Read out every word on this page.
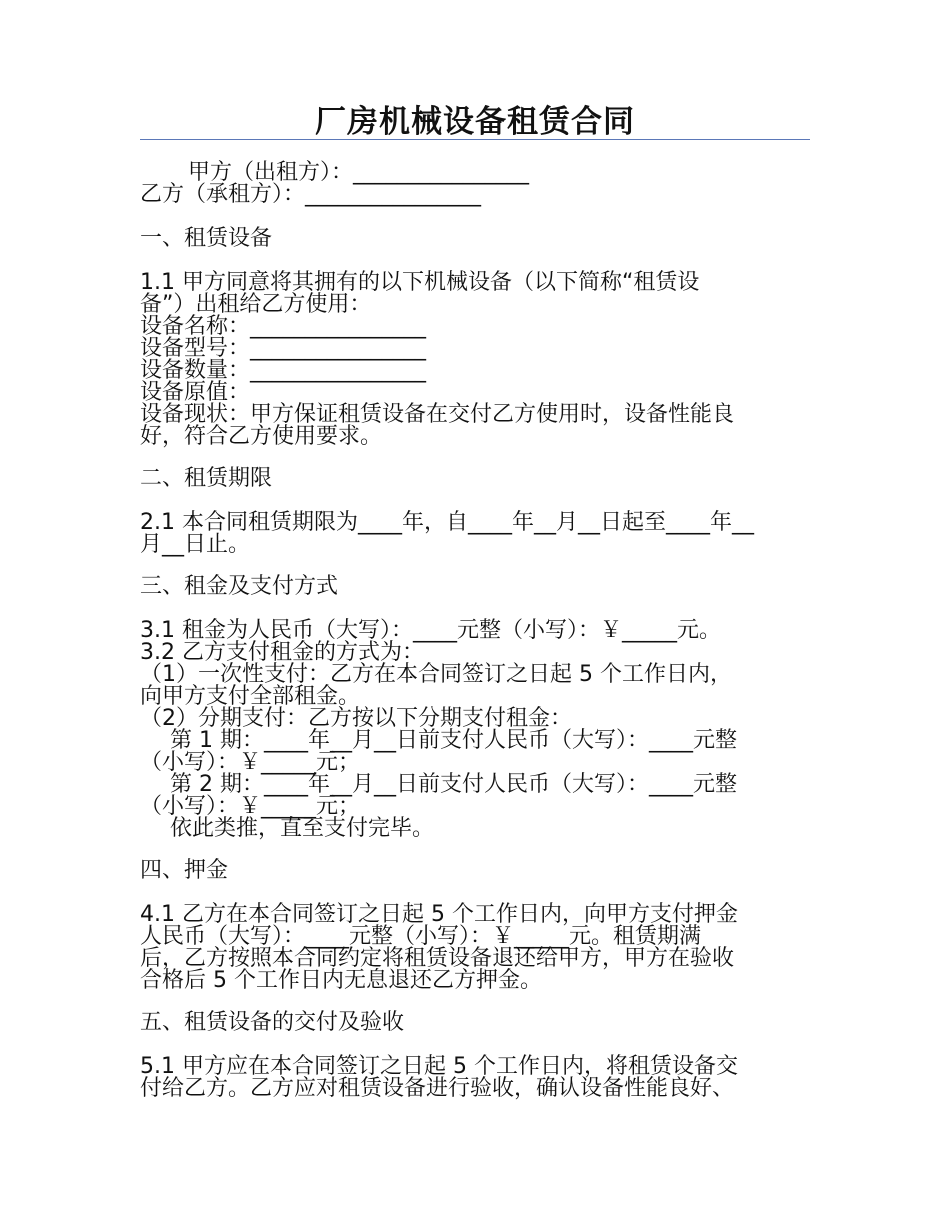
厂房机械设备租赁合同
甲方（出租方）：________________
乙方（承租方）：________________
一、租赁设备
1.1 甲方同意将其拥有的以下机械设备（以下简称“租赁设
备”）出租给乙方使用：
设备名称：________________
设备型号：________________
设备数量：________________
设备原值：
设备现状：甲方保证租赁设备在交付乙方使用时，设备性能良
好，符合乙方使用要求。
二、租赁期限
2.1 本合同租赁期限为____年，自____年__月__日起至____年__
月__日止。
三、租金及支付方式
3.1 租金为人民币（大写）：____元整（小写）：￥_____元。
3.2 乙方支付租金的方式为：
（1）一次性支付：乙方在本合同签订之日起 5 个工作日内，
向甲方支付全部租金。
（2）分期支付：乙方按以下分期支付租金：
第 1 期：____年__月__日前支付人民币（大写）：____元整
（小写）：￥_____元；
第 2 期：____年__月__日前支付人民币（大写）：____元整
（小写）：￥_____元；
依此类推，直至支付完毕。
四、押金
4.1 乙方在本合同签订之日起 5 个工作日内，向甲方支付押金
人民币（大写）：____元整（小写）：￥_____元。租赁期满
后，乙方按照本合同约定将租赁设备退还给甲方，甲方在验收
合格后 5 个工作日内无息退还乙方押金。
五、租赁设备的交付及验收
5.1 甲方应在本合同签订之日起 5 个工作日内，将租赁设备交
付给乙方。乙方应对租赁设备进行验收，确认设备性能良好、
